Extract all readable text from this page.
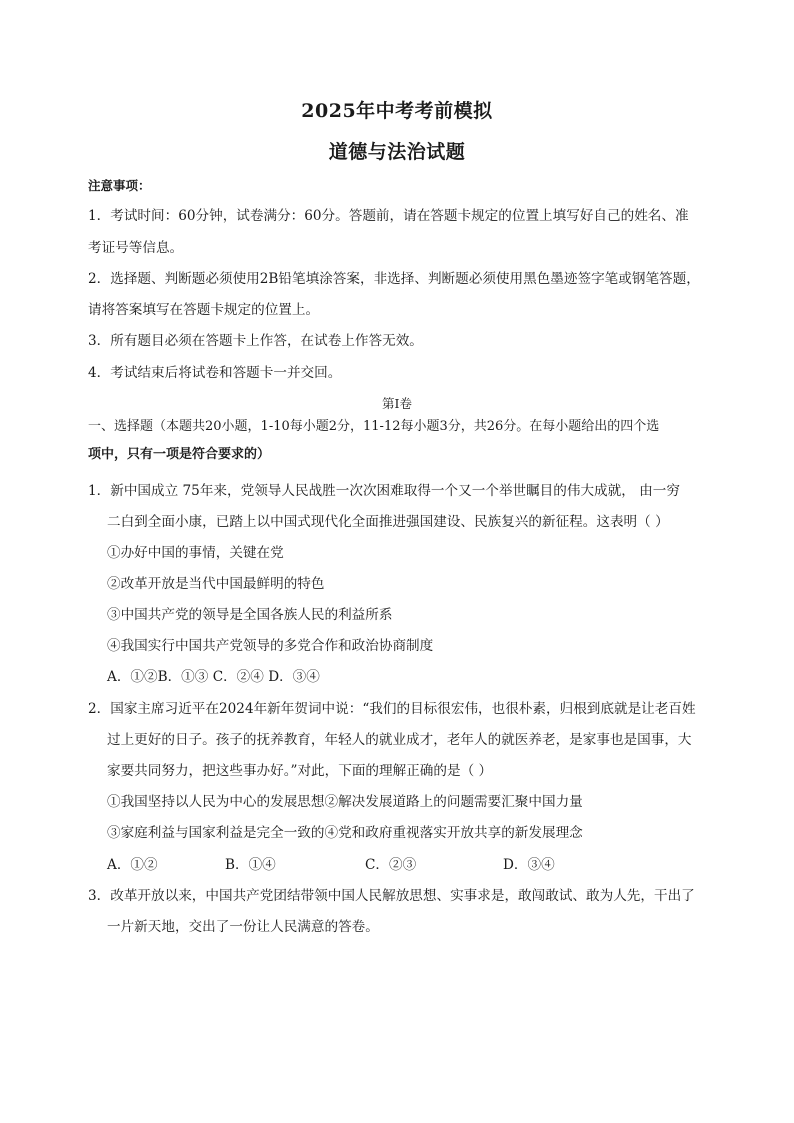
2025年中考考前模拟
道德与法治试题
注意事项：
1．考试时间：60分钟，试卷满分：60分。答题前，请在答题卡规定的位置上填写好自己的姓名、准
考证号等信息。
2．选择题、判断题必须使用2B铅笔填涂答案，非选择、判断题必须使用黑色墨迹签字笔或钢笔答题，
请将答案填写在答题卡规定的位置上。
3．所有题目必须在答题卡上作答，在试卷上作答无效。
4．考试结束后将试卷和答题卡一并交回。
第Ⅰ卷
一、选择题（本题共20小题，1-10每小题2分，11-12每小题3分，共26分。在每小题给出的四个选
项中，只有一项是符合要求的）
1．新中国成立 75年来，党领导人民战胜一次次困难取得一个又一个举世瞩目的伟大成就， 由一穷
二白到全面小康，已踏上以中国式现代化全面推进强国建设、民族复兴的新征程。这表明（ ）
①办好中国的事情，关键在党
②改革开放是当代中国最鲜明的特色
③中国共产党的领导是全国各族人民的利益所系
④我国实行中国共产党领导的多党合作和政治协商制度
A．①②B．①③ C．②④ D．③④
2．国家主席习近平在2024年新年贺词中说：“我们的目标很宏伟，也很朴素，归根到底就是让老百姓
过上更好的日子。孩子的抚养教育，年轻人的就业成才，老年人的就医养老，是家事也是国事，大
家要共同努力，把这些事办好。”对此，下面的理解正确的是（ ）
①我国坚持以人民为中心的发展思想②解决发展道路上的问题需要汇聚中国力量
③家庭利益与国家利益是完全一致的④党和政府重视落实开放共享的新发展理念
A．①②	B．①④	C．②③	D．③④
3．改革开放以来，中国共产党团结带领中国人民解放思想、实事求是，敢闯敢试、敢为人先，干出了
一片新天地，交出了一份让人民满意的答卷。
